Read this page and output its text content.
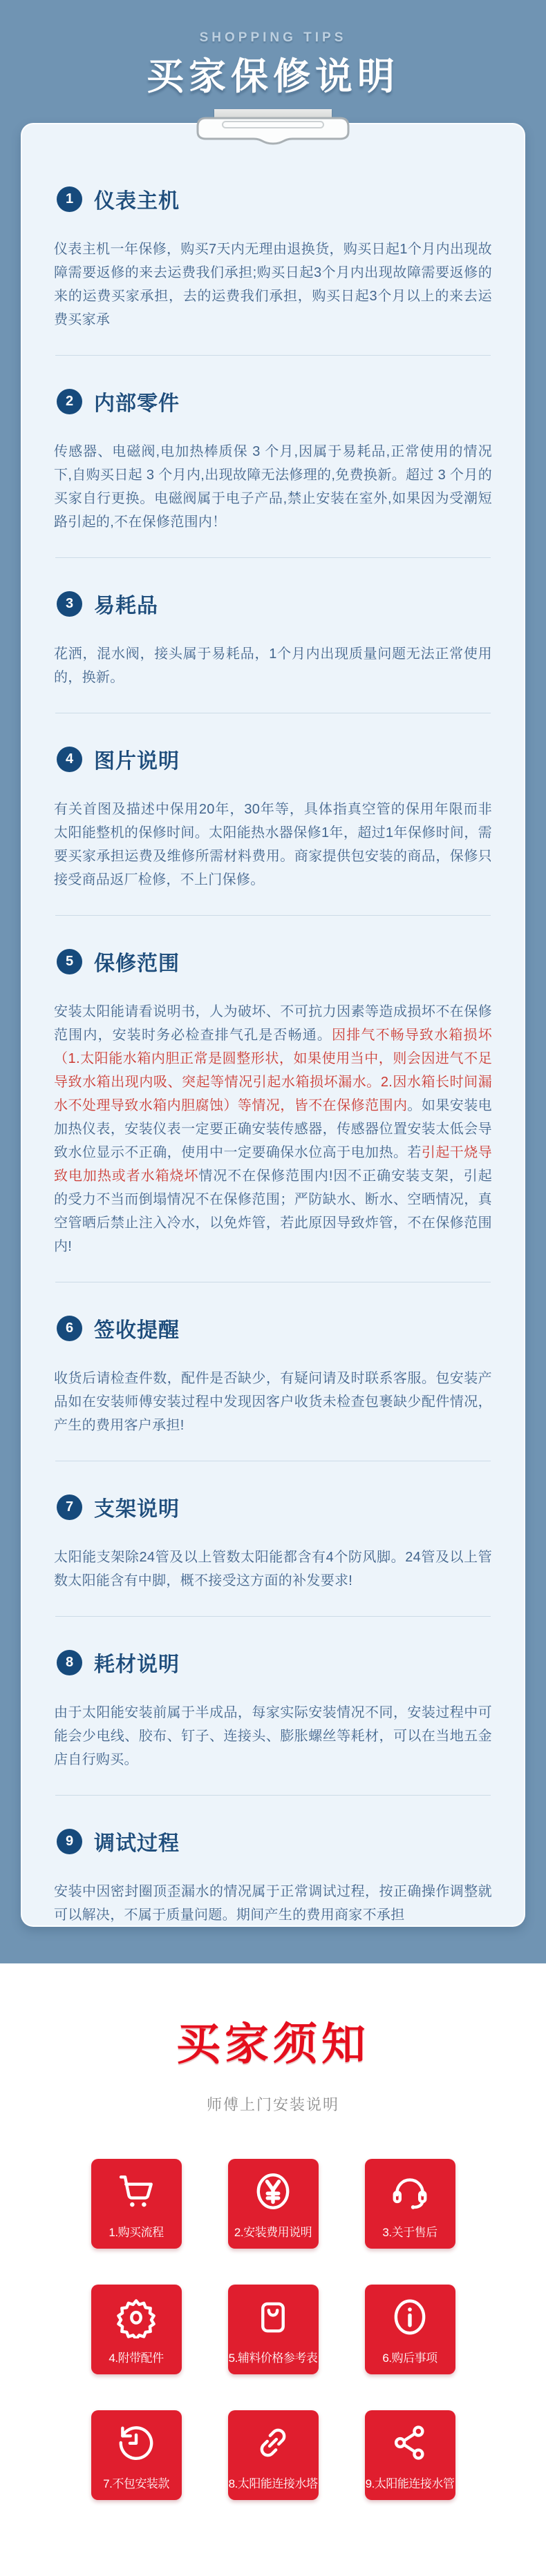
SHOPPING TIPS
买家保修说明
1 仪表主机

仪表主机一年保修，购买7天内无理由退换货，购买日起1个月内出现故障需要返修的来去运费我们承担;购买日起3个月内出现故障需要返修的来的运费买家承担，去的运费我们承担，购买日起3个月以上的来去运费买家承

2 内部零件

传感器、电磁阀,电加热棒质保 3 个月,因属于易耗品,正常使用的情况下,自购买日起 3 个月内,出现故障无法修理的,免费换新。超过 3 个月的买家自行更换。电磁阀属于电子产品,禁止安装在室外,如果因为受潮短路引起的,不在保修范围内！

3 易耗品

花洒，混水阀，接头属于易耗品，1个月内出现质量问题无法正常使用的，换新。

4 图片说明

有关首图及描述中保用20年，30年等，具体指真空管的保用年限而非太阳能整机的保修时间。太阳能热水器保修1年，超过1年保修时间，需要买家承担运费及维修所需材料费用。商家提供包安装的商品，保修只接受商品返厂检修，不上门保修。

5 保修范围

安装太阳能请看说明书，人为破坏、不可抗力因素等造成损坏不在保修范围内，安装时务必检查排气孔是否畅通。因排气不畅导致水箱损坏（1.太阳能水箱内胆正常是圆整形状，如果使用当中，则会因进气不足导致水箱出现内吸、突起等情况引起水箱损坏漏水。2.因水箱长时间漏水不处理导致水箱内胆腐蚀）等情况，皆不在保修范围内。如果安装电加热仪表，安装仪表一定要正确安装传感器，传感器位置安装太低会导致水位显示不正确，使用中一定要确保水位高于电加热。若引起干烧导致电加热或者水箱烧坏情况不在保修范围内!因不正确安装支架，引起的受力不当而倒塌情况不在保修范围；严防缺水、断水、空晒情况，真空管晒后禁止注入冷水，以免炸管，若此原因导致炸管，不在保修范围内!

6 签收提醒

收货后请检查件数，配件是否缺少，有疑问请及时联系客服。包安装产品如在安装师傅安装过程中发现因客户收货未检查包裹缺少配件情况，产生的费用客户承担!

7 支架说明

太阳能支架除24管及以上管数太阳能都含有4个防风脚。24管及以上管数太阳能含有中脚，概不接受这方面的补发要求!

8 耗材说明

由于太阳能安装前属于半成品，每家实际安装情况不同，安装过程中可能会少电线、胶布、钉子、连接头、膨胀螺丝等耗材，可以在当地五金店自行购买。

9 调试过程

安装中因密封圈顶歪漏水的情况属于正常调试过程，按正确操作调整就可以解决，不属于质量问题。期间产生的费用商家不承担

买家须知
师傅上门安装说明
1.购买流程	2.安装费用说明	3.关于售后
4.附带配件	5.辅料价格参考表	6.购后事项
7.不包安装款	8.太阳能连接水塔	9.太阳能连接水管
